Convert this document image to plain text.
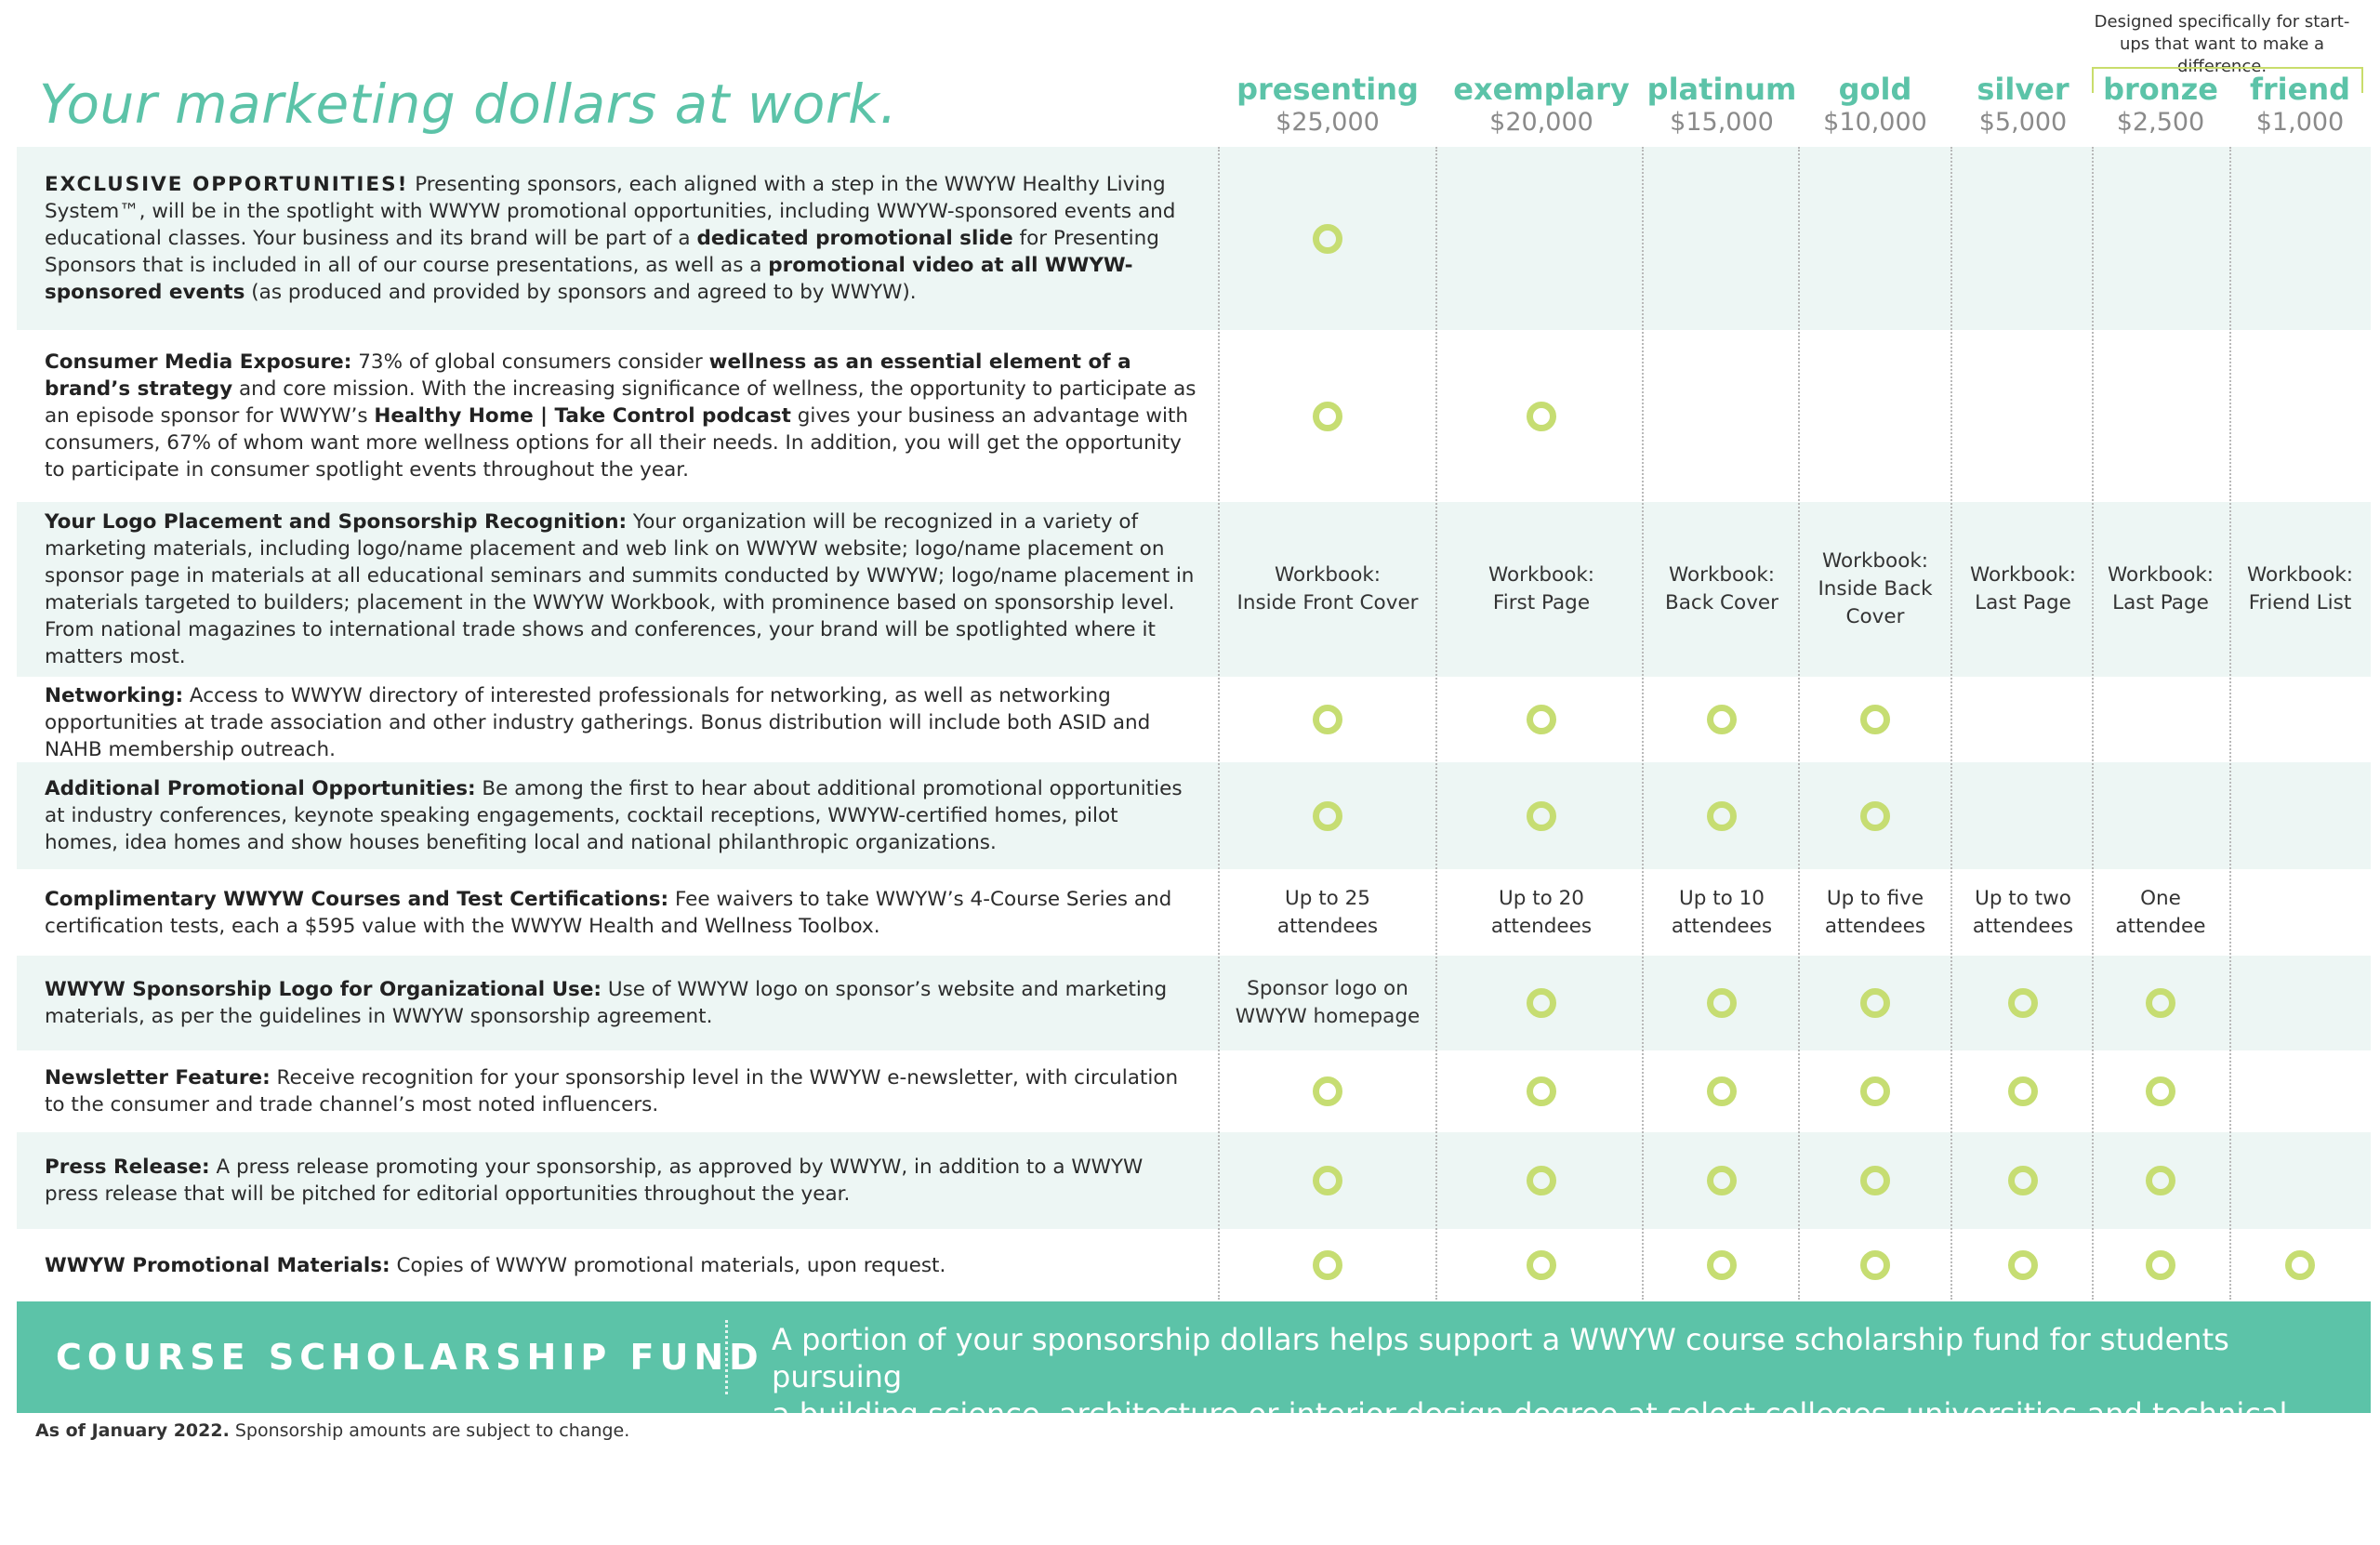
Your marketing dollars at work.
Designed specifically for start-ups that want to make a difference.
presenting
$25,000
exemplary
$20,000
platinum
$15,000
gold
$10,000
silver
$5,000
bronze
$2,500
friend
$1,000
EXCLUSIVE OPPORTUNITIES! Presenting sponsors, each aligned with a step in the WWYW Healthy Living System™, will be in the spotlight with WWYW promotional opportunities, including WWYW-sponsored events and educational classes. Your business and its brand will be part of a dedicated promotional slide for Presenting Sponsors that is included in all of our course presentations, as well as a promotional video at all WWYW-sponsored events (as produced and provided by sponsors and agreed to by WWYW).
Consumer Media Exposure: 73% of global consumers consider wellness as an essential element of a brand’s strategy and core mission. With the increasing significance of wellness, the opportunity to participate as an episode sponsor for WWYW’s Healthy Home | Take Control podcast gives your business an advantage with consumers, 67% of whom want more wellness options for all their needs. In addition, you will get the opportunity to participate in consumer spotlight events throughout the year.
Your Logo Placement and Sponsorship Recognition: Your organization will be recognized in a variety of marketing materials, including logo/name placement and web link on WWYW website; logo/name placement on sponsor page in materials at all educational seminars and summits conducted by WWYW; logo/name placement in materials targeted to builders; placement in the WWYW Workbook, with prominence based on sponsorship level. From national magazines to international trade shows and conferences, your brand will be spotlighted where it matters most.
Workbook:
Inside Front Cover
Workbook:
First Page
Workbook:
Back Cover
Workbook:
Inside Back
Cover
Workbook:
Last Page
Workbook:
Last Page
Workbook:
Friend List
Networking: Access to WWYW directory of interested professionals for networking, as well as networking opportunities at trade association and other industry gatherings. Bonus distribution will include both ASID and NAHB membership outreach.
Additional Promotional Opportunities: Be among the first to hear about additional promotional opportunities at industry conferences, keynote speaking engagements, cocktail receptions, WWYW-certified homes, pilot homes, idea homes and show houses benefiting local and national philanthropic organizations.
Complimentary WWYW Courses and Test Certifications: Fee waivers to take WWYW’s 4-Course Series and certification tests, each a $595 value with the WWYW Health and Wellness Toolbox.
Up to 25
attendees
Up to 20
attendees
Up to 10
attendees
Up to five
attendees
Up to two
attendees
One
attendee
WWYW Sponsorship Logo for Organizational Use: Use of WWYW logo on sponsor’s website and marketing materials, as per the guidelines in WWYW sponsorship agreement.
Sponsor logo on
WWYW homepage
Newsletter Feature: Receive recognition for your sponsorship level in the WWYW e-newsletter, with circulation to the consumer and trade channel’s most noted influencers.
Press Release: A press release promoting your sponsorship, as approved by WWYW, in addition to a WWYW press release that will be pitched for editorial opportunities throughout the year.
WWYW Promotional Materials: Copies of WWYW promotional materials, upon request.
COURSE SCHOLARSHIP FUND A portion of your sponsorship dollars helps support a WWYW course scholarship fund for students pursuing
a building science, architecture or interior design degree at select colleges, universities and technical schools.
As of January 2022. Sponsorship amounts are subject to change.
